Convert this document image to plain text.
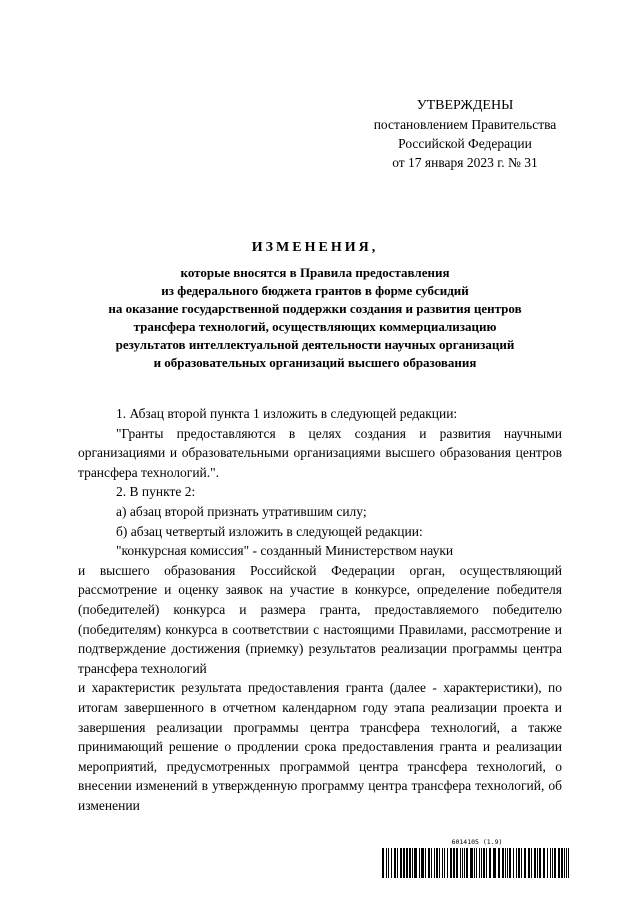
УТВЕРЖДЕНЫ
постановлением Правительства
Российской Федерации
от 17 января 2023 г. № 31
ИЗМЕНЕНИЯ,
которые вносятся в Правила предоставления
из федерального бюджета грантов в форме субсидий
на оказание государственной поддержки создания и развития центров
трансфера технологий, осуществляющих коммерциализацию
результатов интеллектуальной деятельности научных организаций
и образовательных организаций высшего образования

1. Абзац второй пункта 1 изложить в следующей редакции:

"Гранты предоставляются в целях создания и развития научными организациями и образовательными организациями высшего образования центров трансфера технологий.".

2. В пункте 2:

а) абзац второй признать утратившим силу;

б) абзац четвертый изложить в следующей редакции:

"конкурсная комиссия" - созданный Министерством науки

и высшего образования Российской Федерации орган, осуществляющий рассмотрение и оценку заявок на участие в конкурсе, определение победителя (победителей) конкурса и размера гранта, предоставляемого победителю (победителям) конкурса в соответствии с настоящими Правилами, рассмотрение и подтверждение достижения (приемку) результатов реализации программы центра трансфера технологий

и характеристик результата предоставления гранта (далее - характеристики), по итогам завершенного в отчетном календарном году этапа реализации проекта и завершения реализации программы центра трансфера технологий, а также принимающий решение о продлении срока предоставления гранта и реализации мероприятий, предусмотренных программой центра трансфера технологий, о внесении изменений в утвержденную программу центра трансфера технологий, об изменении

6014105 (1.9)
